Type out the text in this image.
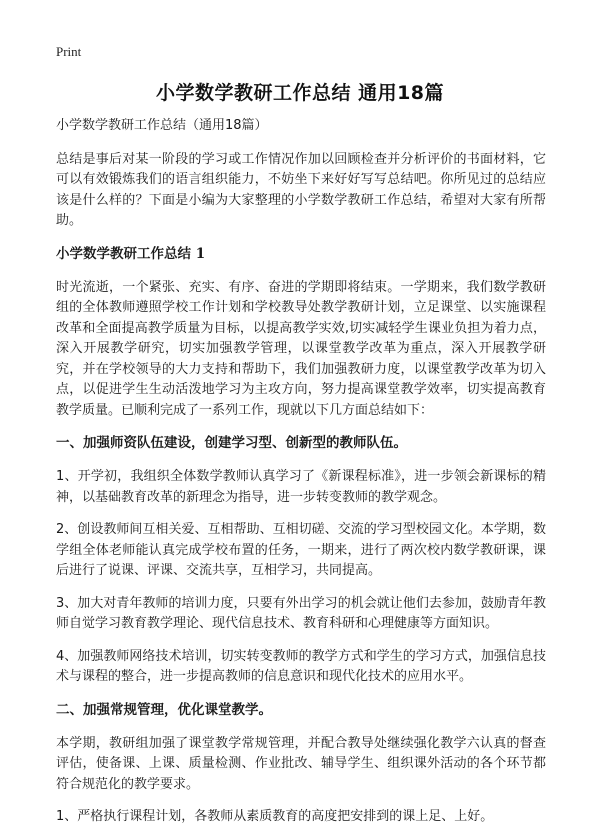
Print
小学数学教研工作总结 通用18篇

小学数学教研工作总结（通用18篇）

总结是事后对某一阶段的学习或工作情况作加以回顾检查并分析评价的书面材料，它可以有效锻炼我们的语言组织能力，不妨坐下来好好写写总结吧。你所见过的总结应该是什么样的？下面是小编为大家整理的小学数学教研工作总结，希望对大家有所帮助。

小学数学教研工作总结 1

时光流逝，一个紧张、充实、有序、奋进的学期即将结束。一学期来，我们数学教研组的全体教师遵照学校工作计划和学校教导处教学教研计划，立足课堂、以实施课程改革和全面提高教学质量为目标，以提高教学实效,切实减轻学生课业负担为着力点，深入开展教学研究，切实加强教学管理，以课堂教学改革为重点，深入开展教学研究，并在学校领导的大力支持和帮助下，我们加强教研力度，以课堂教学改革为切入点，以促进学生生动活泼地学习为主攻方向，努力提高课堂教学效率，切实提高教育教学质量。已顺利完成了一系列工作，现就以下几方面总结如下：

一、加强师资队伍建设，创建学习型、创新型的教师队伍。

1、开学初，我组织全体数学教师认真学习了《新课程标准》，进一步领会新课标的精神，以基础教育改革的新理念为指导，进一步转变教师的教学观念。

2、创设教师间互相关爱、互相帮助、互相切磋、交流的学习型校园文化。本学期，数学组全体老师能认真完成学校布置的任务，一期来，进行了两次校内数学教研课，课后进行了说课、评课、交流共享，互相学习，共同提高。

3、加大对青年教师的培训力度，只要有外出学习的机会就让他们去参加，鼓励青年教师自觉学习教育教学理论、现代信息技术、教育科研和心理健康等方面知识。

4、加强教师网络技术培训，切实转变教师的教学方式和学生的学习方式，加强信息技术与课程的整合，进一步提高教师的信息意识和现代化技术的应用水平。

二、加强常规管理，优化课堂教学。

本学期，教研组加强了课堂教学常规管理，并配合教导处继续强化教学六认真的督查评估，使备课、上课、质量检测、作业批改、辅导学生、组织课外活动的各个环节都符合规范化的教学要求。

1、严格执行课程计划，各教师从素质教育的高度把安排到的课上足、上好。
